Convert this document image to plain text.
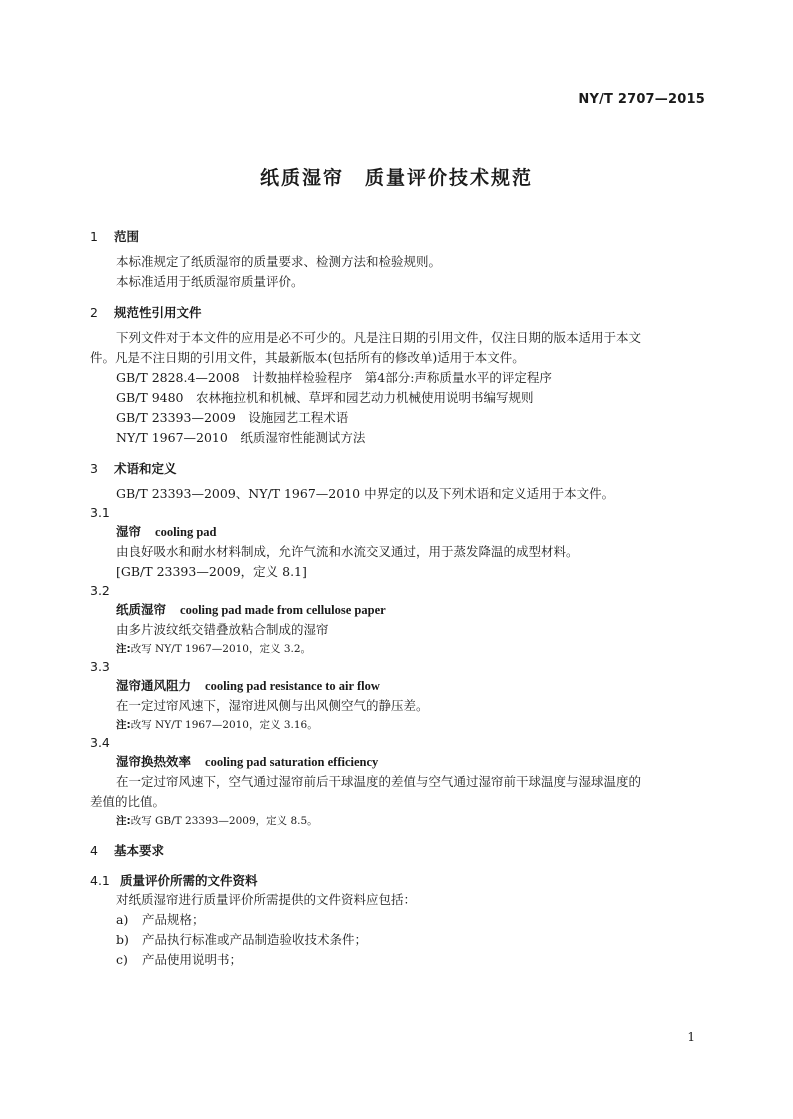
NY/T 2707—2015
纸质湿帘　质量评价技术规范
1 范围

本标准规定了纸质湿帘的质量要求、检测方法和检验规则。

本标准适用于纸质湿帘质量评价。

2 规范性引用文件

下列文件对于本文件的应用是必不可少的。凡是注日期的引用文件，仅注日期的版本适用于本文

件。凡是不注日期的引用文件，其最新版本(包括所有的修改单)适用于本文件。

GB/T 2828.4—2008　计数抽样检验程序　第4部分:声称质量水平的评定程序

GB/T 9480　农林拖拉机和机械、草坪和园艺动力机械使用说明书编写规则

GB/T 23393—2009　设施园艺工程术语

NY/T 1967—2010　纸质湿帘性能测试方法

3 术语和定义

GB/T 23393—2009、NY/T 1967—2010 中界定的以及下列术语和定义适用于本文件。

3.1

湿帘 cooling pad

由良好吸水和耐水材料制成，允许气流和水流交叉通过，用于蒸发降温的成型材料。

[GB/T 23393—2009，定义 8.1]

3.2

纸质湿帘 cooling pad made from cellulose paper

由多片波纹纸交错叠放粘合制成的湿帘

注:改写 NY/T 1967—2010，定义 3.2。

3.3

湿帘通风阻力 cooling pad resistance to air flow

在一定过帘风速下，湿帘进风侧与出风侧空气的静压差。

注:改写 NY/T 1967—2010，定义 3.16。

3.4

湿帘换热效率 cooling pad saturation efficiency

在一定过帘风速下，空气通过湿帘前后干球温度的差值与空气通过湿帘前干球温度与湿球温度的

差值的比值。

注:改写 GB/T 23393—2009，定义 8.5。

4 基本要求

4.1 质量评价所需的文件资料

对纸质湿帘进行质量评价所需提供的文件资料应包括：

a) 产品规格；

b) 产品执行标准或产品制造验收技术条件；

c) 产品使用说明书；

1
